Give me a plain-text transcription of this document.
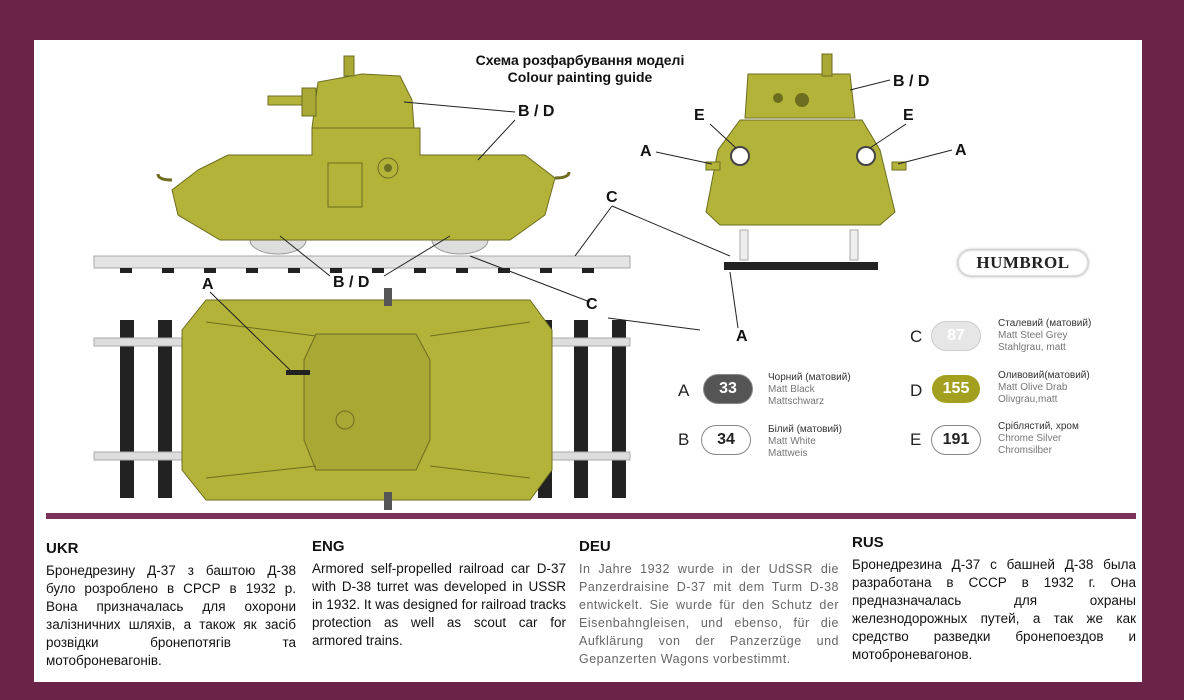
Схема розфарбування моделі
Colour painting guide
B / D
B / D
C
C
A
A
B / D
E	E
A	A
HUMBROL
A	33
Чорний (матовий)
Matt Black
Mattschwarz
B	34
Білий (матовий)
Matt White
Mattweis
C	87
Сталевий (матовий)
Matt Steel Grey
Stahlgrau, matt
D	155
Оливовий(матовий)
Matt Olive Drab
Olivgrau,matt
E	191
Сріблястий, хром
Chrome Silver
Chromsilber
UKR

Бронедрезину Д-37 з баштою Д-38 було розроблено в СРСР в 1932 р. Вона призначалась для охорони залізничних шляхів, а також як засіб розвідки бронепотягів та мотоброневагонів.

ENG

Armored self-propelled railroad car D-37 with D-38 turret was developed in USSR in 1932. It was designed for railroad tracks protection as well as scout car for armored trains.

DEU

In Jahre 1932 wurde in der UdSSR die Panzerdraisine D-37 mit dem Turm D-38 entwickelt. Sie wurde für den Schutz der Eisenbahngleisen, und ebenso, für die Aufklärung von der Panzerzüge und Gepanzerten Wagons vorbestimmt.

RUS

Бронедрезина Д-37 с башней Д-38 была разработана в СССР в 1932 г. Она предназначалась для охраны железнодорожных путей, а так же как средство разведки бронепоездов и мотоброневагонов.
